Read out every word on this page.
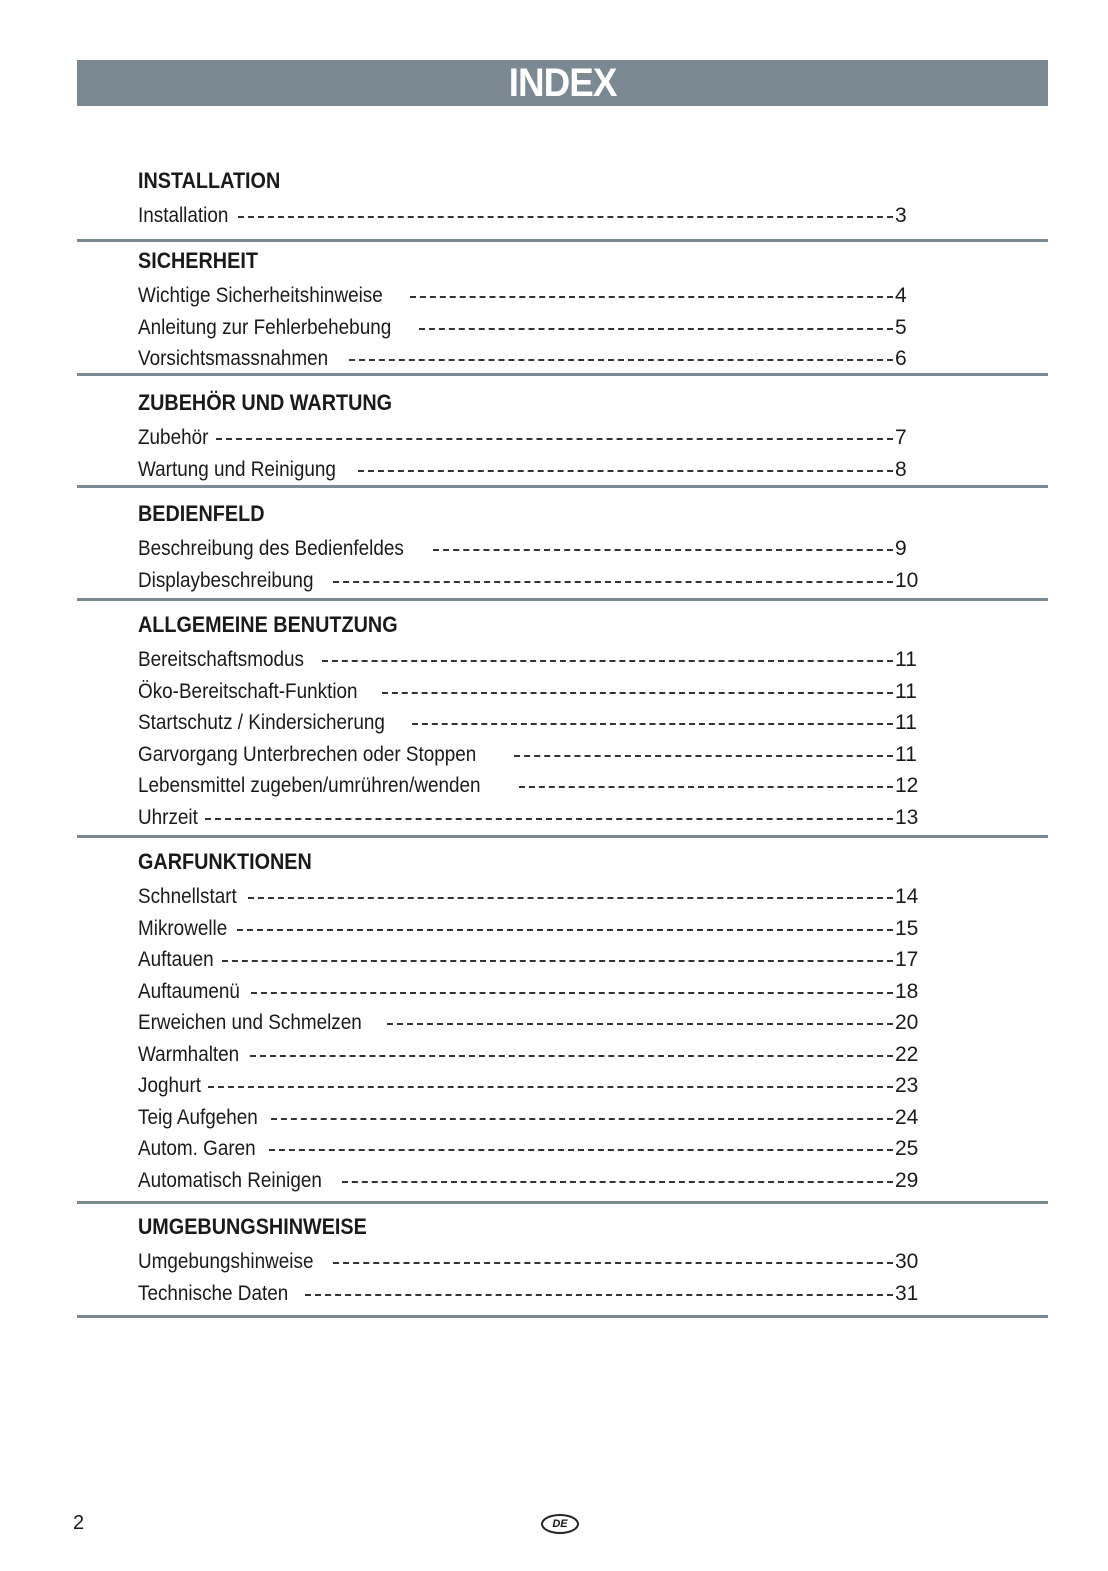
INDEX
INSTALLATION
Installation	3
SICHERHEIT
Wichtige Sicherheitshinweise	4
Anleitung zur Fehlerbehebung	5
Vorsichtsmassnahmen	6
ZUBEHÖR UND WARTUNG
Zubehör	7
Wartung und Reinigung	8
BEDIENFELD
Beschreibung des Bedienfeldes	9
Displaybeschreibung	10
ALLGEMEINE BENUTZUNG
Bereitschaftsmodus	11
Öko-Bereitschaft-Funktion	11
Startschutz / Kindersicherung	11
Garvorgang Unterbrechen oder Stoppen	11
Lebensmittel zugeben/umrühren/wenden	12
Uhrzeit	13
GARFUNKTIONEN
Schnellstart	14
Mikrowelle	15
Auftauen	17
Auftaumenü	18
Erweichen und Schmelzen	20
Warmhalten	22
Joghurt	23
Teig Aufgehen	24
Autom. Garen	25
Automatisch Reinigen	29
UMGEBUNGSHINWEISE
Umgebungshinweise	30
Technische Daten	31
2	DE
